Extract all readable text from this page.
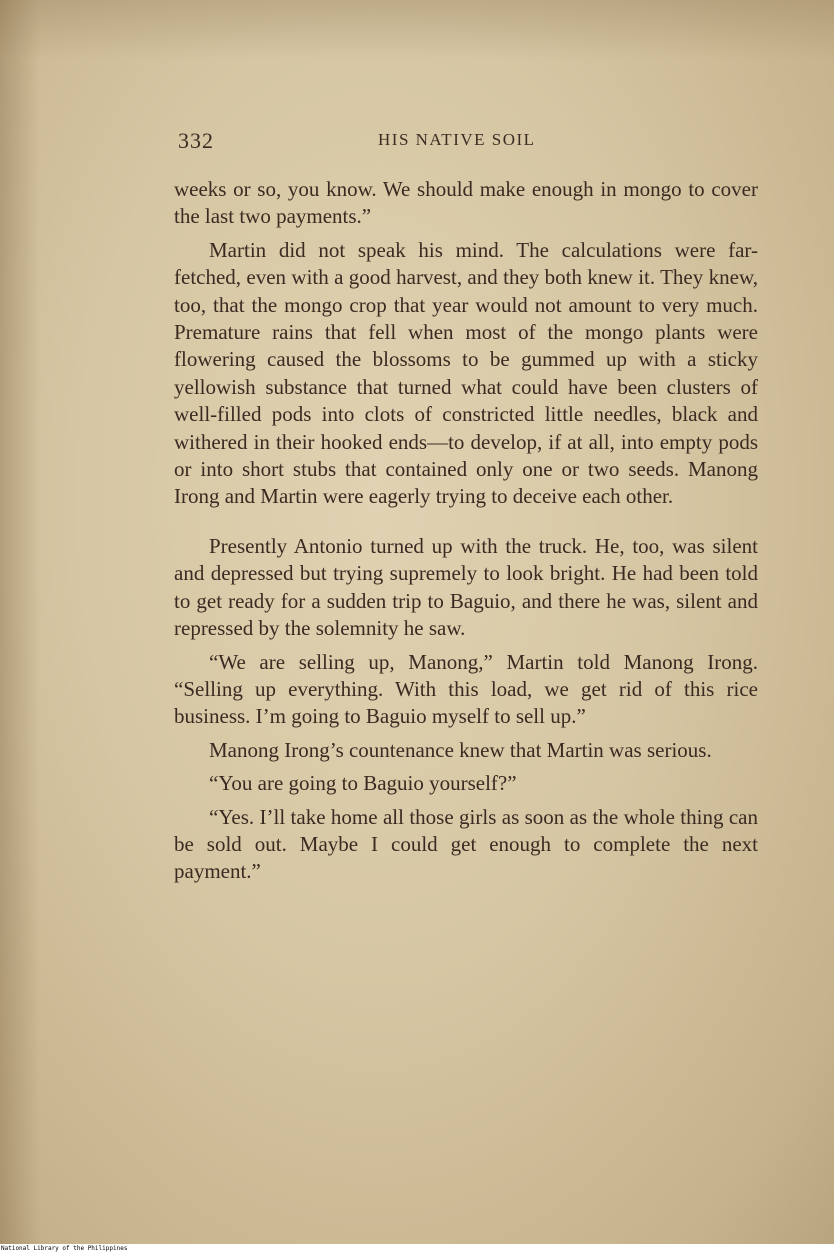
332	HIS NATIVE SOIL

weeks or so, you know. We should make enough in mongo to cover the last two payments.”

Martin did not speak his mind. The calculations were far-fetched, even with a good harvest, and they both knew it. They knew, too, that the mongo crop that year would not amount to very much. Premature rains that fell when most of the mongo plants were flowering caused the blossoms to be gummed up with a sticky yellowish substance that turned what could have been clusters of well-filled pods into clots of constricted little needles, black and withered in their hooked ends—to develop, if at all, into empty pods or into short stubs that contained only one or two seeds. Manong Irong and Martin were eagerly trying to deceive each other.

Presently Antonio turned up with the truck. He, too, was silent and depressed but trying supremely to look bright. He had been told to get ready for a sudden trip to Baguio, and there he was, silent and repressed by the solemnity he saw.

“We are selling up, Manong,” Martin told Manong Irong. “Selling up everything. With this load, we get rid of this rice business. I’m going to Baguio myself to sell up.”

Manong Irong’s countenance knew that Martin was serious.

“You are going to Baguio yourself?”

“Yes. I’ll take home all those girls as soon as the whole thing can be sold out. Maybe I could get enough to complete the next payment.”

National Library of the Philippines
